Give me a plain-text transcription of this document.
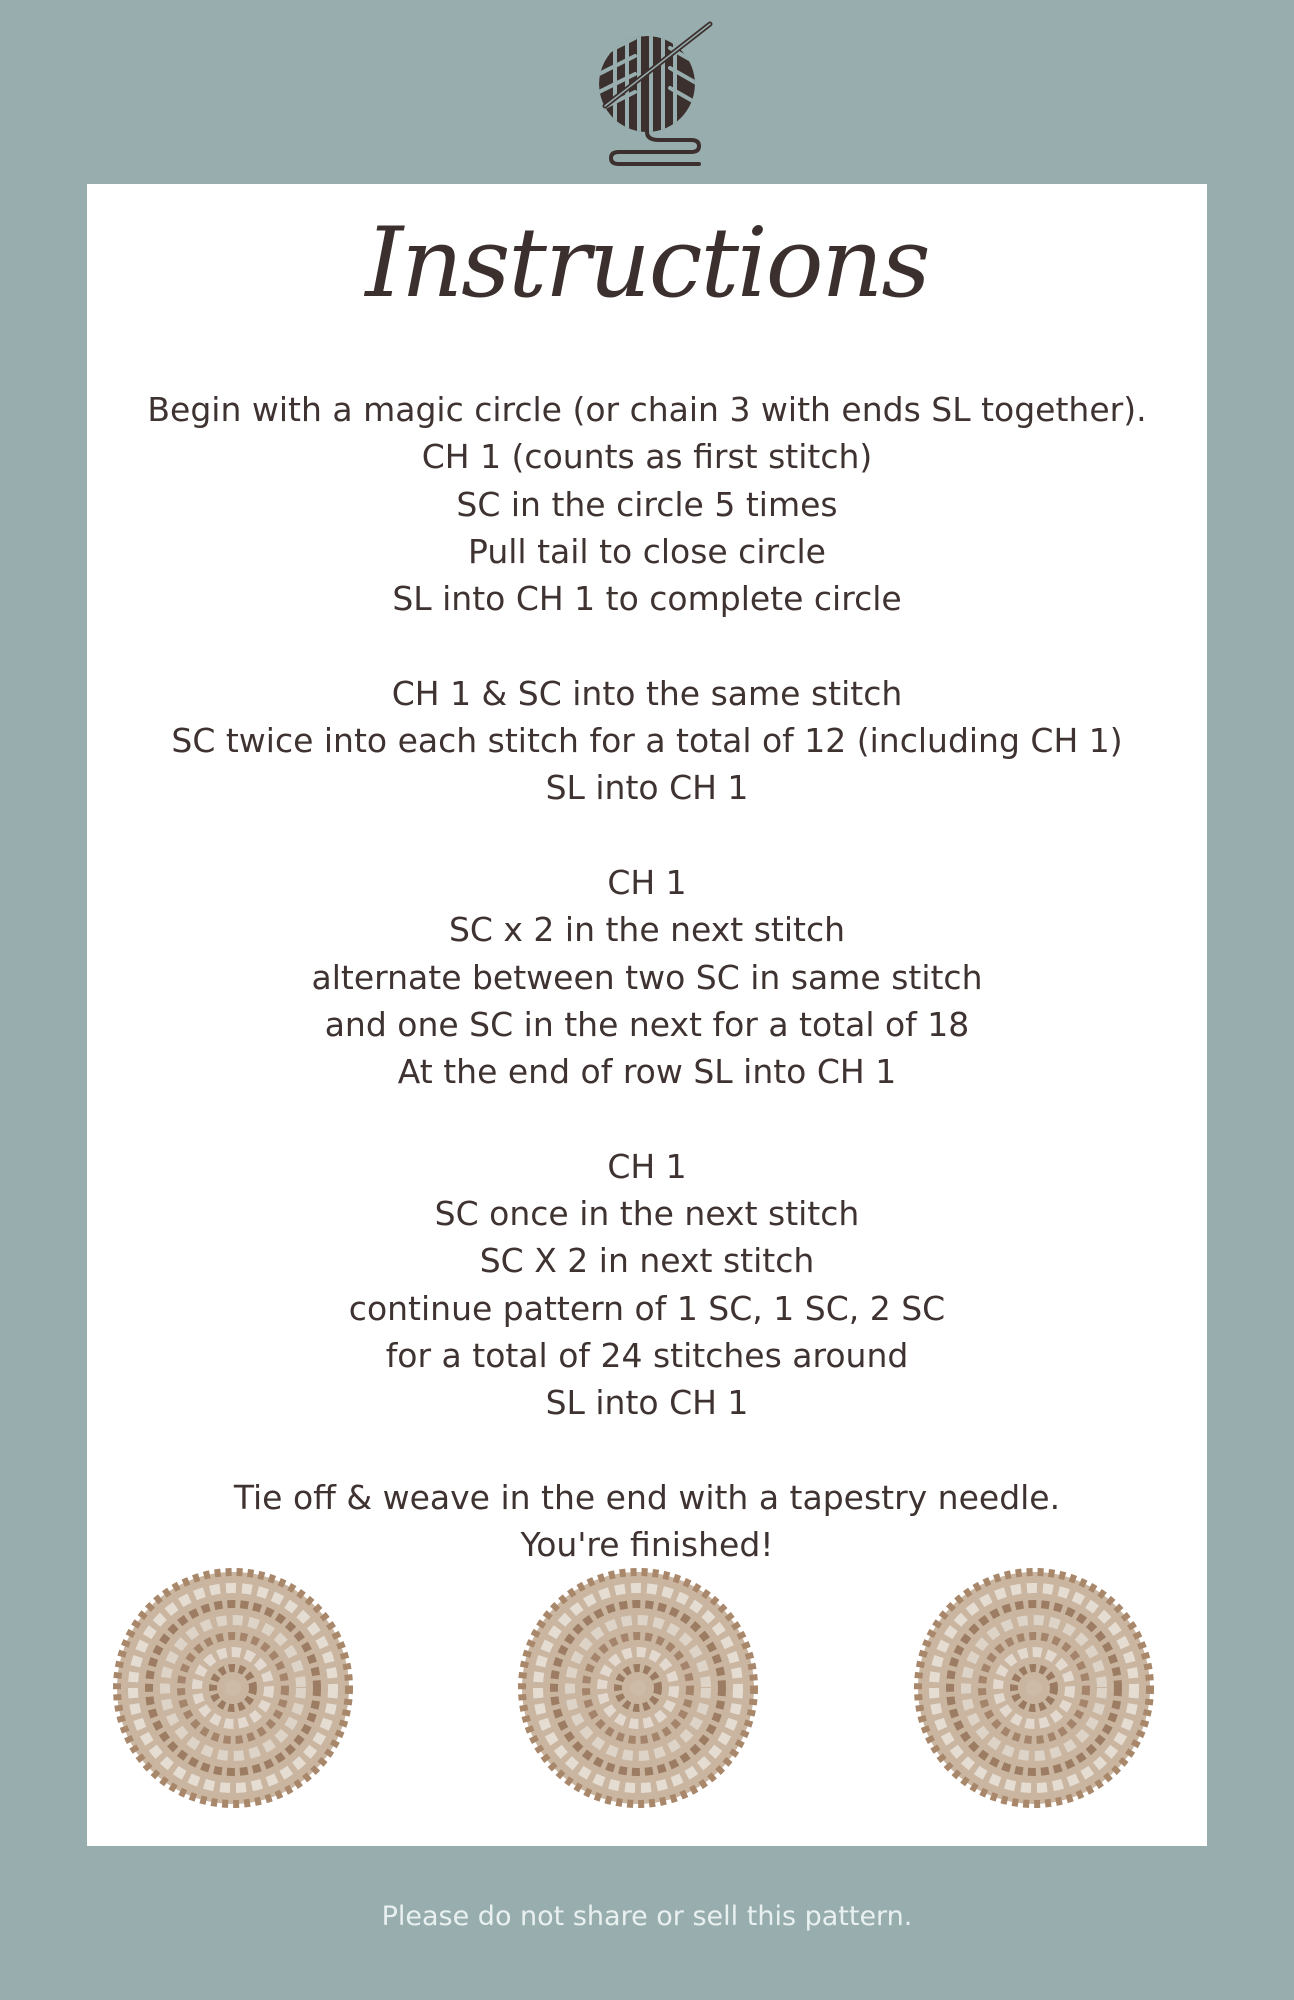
Instructions
Begin with a magic circle (or chain 3 with ends SL together).
CH 1 (counts as first stitch)
SC in the circle 5 times
Pull tail to close circle
SL into CH 1 to complete circle
CH 1 & SC into the same stitch
SC twice into each stitch for a total of 12 (including CH 1)
SL into CH 1
CH 1
SC x 2 in the next stitch
alternate between two SC in same stitch
and one SC in the next for a total of 18
At the end of row SL into CH 1
CH 1
SC once in the next stitch
SC X 2 in next stitch
continue pattern of 1 SC, 1 SC, 2 SC
for a total of 24 stitches around
SL into CH 1
Tie off & weave in the end with a tapestry needle.
You're finished!
Please do not share or sell this pattern.
